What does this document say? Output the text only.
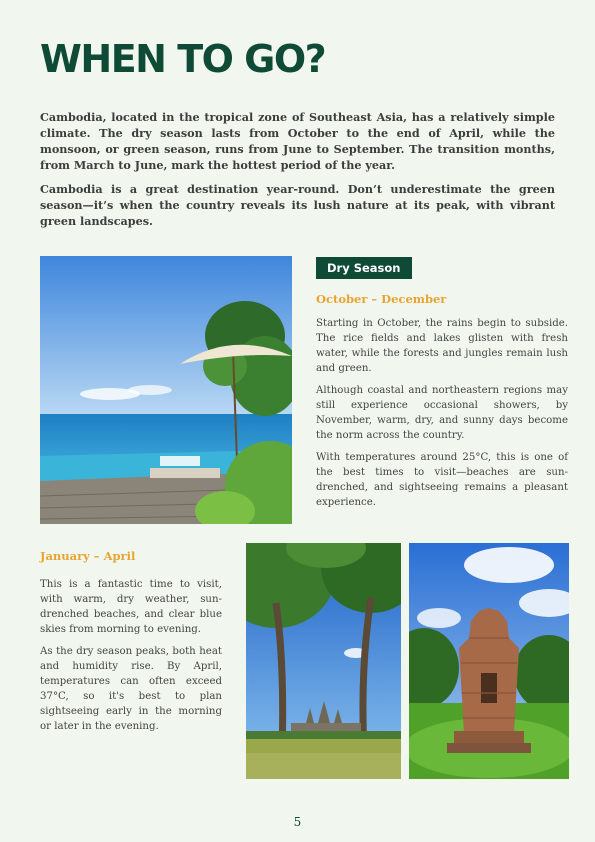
WHEN TO GO?

Cambodia, located in the tropical zone of Southeast Asia, has a relatively simple climate. The dry season lasts from October to the end of April, while the monsoon, or green season, runs from June to September. The transition months, from March to June, mark the hottest period of the year.

Cambodia is a great destination year-round. Don’t underestimate the green season—it’s when the country reveals its lush nature at its peak, with vibrant green landscapes.

Dry Season
October – December

Starting in October, the rains begin to subside. The rice fields and lakes glisten with fresh water, while the forests and jungles remain lush and green.

Although coastal and northeastern regions may still experience occasional showers, by November, warm, dry, and sunny days become the norm across the country.

With temperatures around 25°C, this is one of the best times to visit—beaches are sun-drenched, and sightseeing remains a pleasant experience.

January – April

This is a fantastic time to visit, with warm, dry weather, sun-drenched beaches, and clear blue skies from morning to evening.

As the dry season peaks, both heat and humidity rise. By April, temperatures can often exceed 37°C, so it's best to plan sightseeing early in the morning or later in the evening.

5
